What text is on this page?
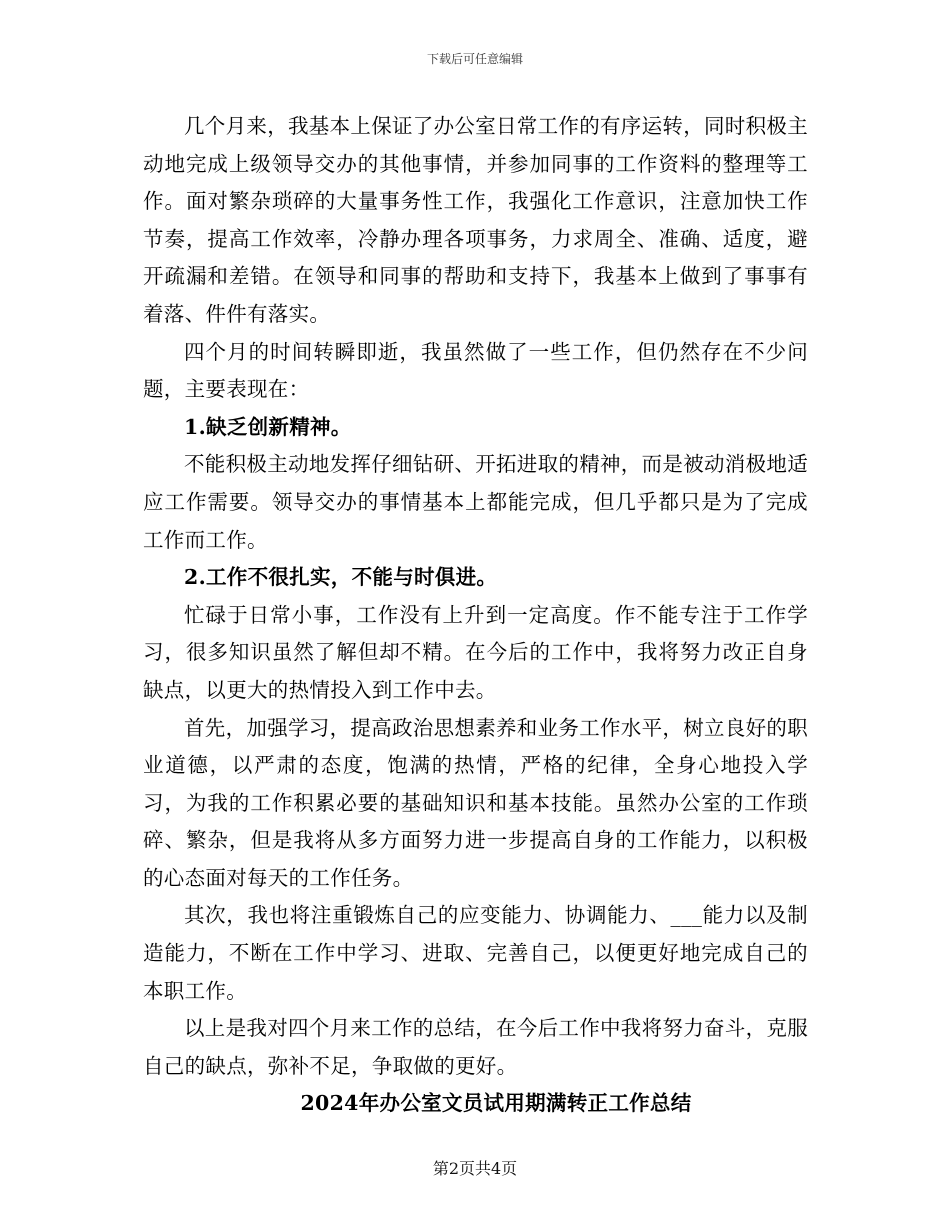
下载后可任意编辑

几个月来，我基本上保证了办公室日常工作的有序运转，同时积极主动地完成上级领导交办的其他事情，并参加同事的工作资料的整理等工作。面对繁杂琐碎的大量事务性工作，我强化工作意识，注意加快工作节奏，提高工作效率，冷静办理各项事务，力求周全、准确、适度，避开疏漏和差错。在领导和同事的帮助和支持下，我基本上做到了事事有着落、件件有落实。

四个月的时间转瞬即逝，我虽然做了一些工作，但仍然存在不少问题，主要表现在：

1.缺乏创新精神。

不能积极主动地发挥仔细钻研、开拓进取的精神，而是被动消极地适应工作需要。领导交办的事情基本上都能完成，但几乎都只是为了完成工作而工作。

2.工作不很扎实，不能与时俱进。

忙碌于日常小事，工作没有上升到一定高度。作不能专注于工作学习，很多知识虽然了解但却不精。在今后的工作中，我将努力改正自身缺点，以更大的热情投入到工作中去。

首先，加强学习，提高政治思想素养和业务工作水平，树立良好的职业道德，以严肃的态度，饱满的热情，严格的纪律，全身心地投入学习，为我的工作积累必要的基础知识和基本技能。虽然办公室的工作琐碎、繁杂，但是我将从多方面努力进一步提高自身的工作能力，以积极的心态面对每天的工作任务。

其次，我也将注重锻炼自己的应变能力、协调能力、___能力以及制造能力，不断在工作中学习、进取、完善自己，以便更好地完成自己的本职工作。

以上是我对四个月来工作的总结，在今后工作中我将努力奋斗，克服自己的缺点，弥补不足，争取做的更好。

2024年办公室文员试用期满转正工作总结

第2页共4页
